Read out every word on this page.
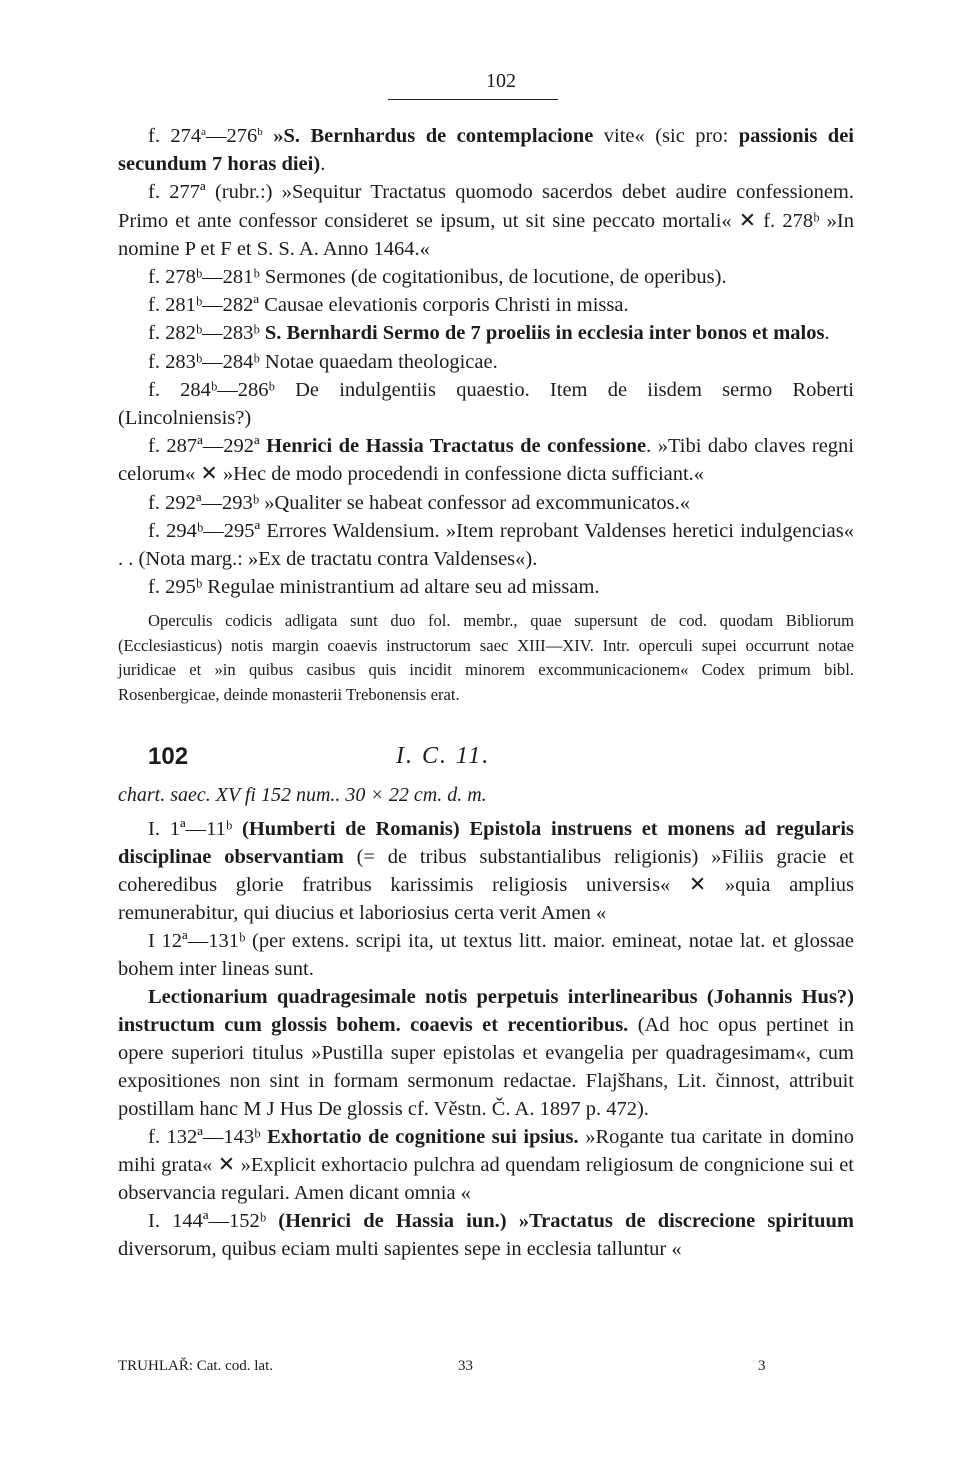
102

f. 274$^a$—276$^b$ »S. Bernhardus de contemplacione vite« (sic pro: passionis dei secundum 7 horas diei).

f. 277ª (rubr.:) »Sequitur Tractatus quomodo sacerdos debet audire confessionem. Primo et ante confessor consideret se ipsum, ut sit sine peccato mortali« ✕ f. 278ᵇ »In nomine P et F et S. S. A. Anno 1464.«

f. 278ᵇ—281ᵇ Sermones (de cogitationibus, de locutione, de operibus).

f. 281ᵇ—282ª Causae elevationis corporis Christi in missa.

f. 282ᵇ—283ᵇ S. Bernhardi Sermo de 7 proeliis in ecclesia inter bonos et malos.

f. 283ᵇ—284ᵇ Notae quaedam theologicae.

f. 284ᵇ—286ᵇ De indulgentiis quaestio. Item de iisdem sermo Roberti (Lincolniensis?)

f. 287ª—292ª Henrici de Hassia Tractatus de confessione. »Tibi dabo claves regni celorum« ✕ »Hec de modo procedendi in confessione dicta sufficiant.«

f. 292ª—293ᵇ »Qualiter se habeat confessor ad excommunicatos.«

f. 294ᵇ—295ª Errores Waldensium. »Item reprobant Valdenses heretici indulgencias« . . (Nota marg.: »Ex de tractatu contra Valdenses«).

f. 295ᵇ Regulae ministrantium ad altare seu ad missam.

Operculis codicis adligata sunt duo fol. membr., quae supersunt de cod. quodam Bibliorum (Ecclesiasticus) notis margin coaevis instructorum saec XIII—XIV. Intr. operculi supei occurrunt notae juridicae et »in quibus casibus quis incidit minorem excommunicacionem« Codex primum bibl. Rosenbergicae, deinde monasterii Trebonensis erat.

102	I. C. 11.

chart. saec. XV fi 152 num.. 30 × 22 cm. d. m.

I. 1ª—11ᵇ (Humberti de Romanis) Epistola instruens et monens ad regularis disciplinae observantiam (= de tribus substantialibus religionis) »Filiis gracie et coheredibus glorie fratribus karissimis religiosis universis« ✕ »quia amplius remunerabitur, qui diucius et laboriosius certa verit Amen «

I 12ª—131ᵇ (per extens. scripi ita, ut textus litt. maior. emineat, notae lat. et glossae bohem inter lineas sunt.

Lectionarium quadragesimale notis perpetuis interlinearibus (Johannis Hus?) instructum cum glossis bohem. coaevis et recentioribus. (Ad hoc opus pertinet in opere superiori titulus »Pustilla super epistolas et evangelia per quadragesimam«, cum expositiones non sint in formam sermonum redactae. Flajšhans, Lit. činnost, attribuit postillam hanc M J Hus De glossis cf. Věstn. Č. A. 1897 p. 472).

f. 132ª—143ᵇ Exhortatio de cognitione sui ipsius. »Rogante tua caritate in domino mihi grata« ✕ »Explicit exhortacio pulchra ad quendam religiosum de congnicione sui et observancia regulari. Amen dicant omnia «

I. 144ª—152ᵇ (Henrici de Hassia iun.) »Tractatus de discrecione spirituum diversorum, quibus eciam multi sapientes sepe in ecclesia talluntur «

TRUHLAŘ: Cat. cod. lat.	33	3
